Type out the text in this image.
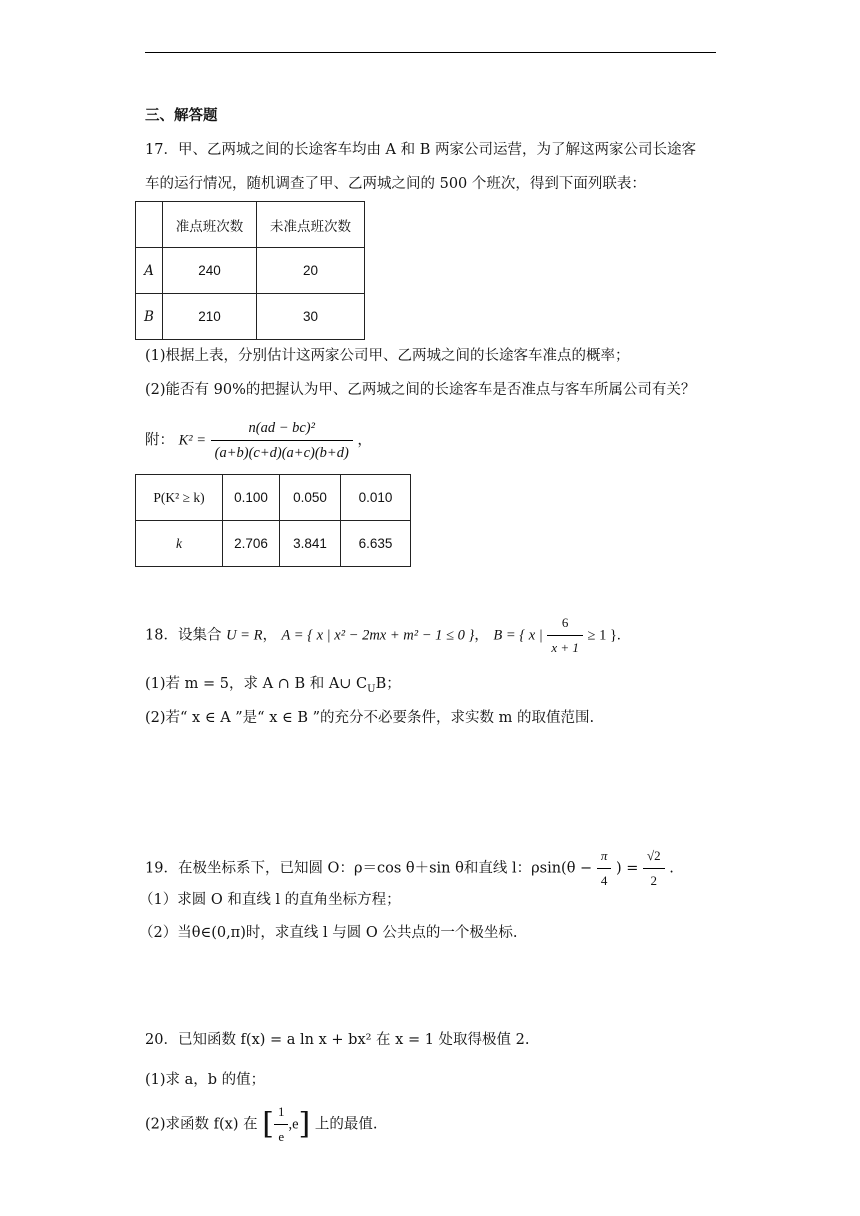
三、解答题
17．甲、乙两城之间的长途客车均由 A 和 B 两家公司运营，为了解这两家公司长途客
车的运行情况，随机调查了甲、乙两城之间的 500 个班次，得到下面列联表：
	准点班次数	未准点班次数
A	240	20
B	210	30
(1)根据上表，分别估计这两家公司甲、乙两城之间的长途客车准点的概率；
(2)能否有 90%的把握认为甲、乙两城之间的长途客车是否准点与客车所属公司有关？
附： $K^2 = \frac{\text{n(ad − bc)²}}{(a+b)(c+d)(a+c)(b+d)}$ ，
P(K² ≥ k)	0.100	0.050	0.010
k	2.706	3.841	6.635
18．设集合 U = R， A = { x | x² − 2mx + m² − 1 ≤ 0 }， B = { x | $\frac{6}{x + 1} \ge 1$ }.
(1)若 m = 5，求 A ∩ B 和 A∪ $C_UB$；
(2)若“ x ∈ A ”是“ x ∈ B ”的充分不必要条件，求实数 m 的取值范围.
19．在极坐标系下，已知圆 O：ρ＝cos θ＋sin θ和直线 l：$\rho\sin(\theta - \frac{\pi}{4}$ ) = $\frac{√2}{2}$ .
（1）求圆 O 和直线 l 的直角坐标方程；
（2）当θ∈(0,π)时，求直线 l 与圆 O 公共点的一个极坐标.
20．已知函数 f(x) = a ln x + bx² 在 x = 1 处取得极值 2.
(1)求 a，b 的值；
(2)求函数 f(x) 在 [ $\frac{1}{e} ,e$] 上的最值.
